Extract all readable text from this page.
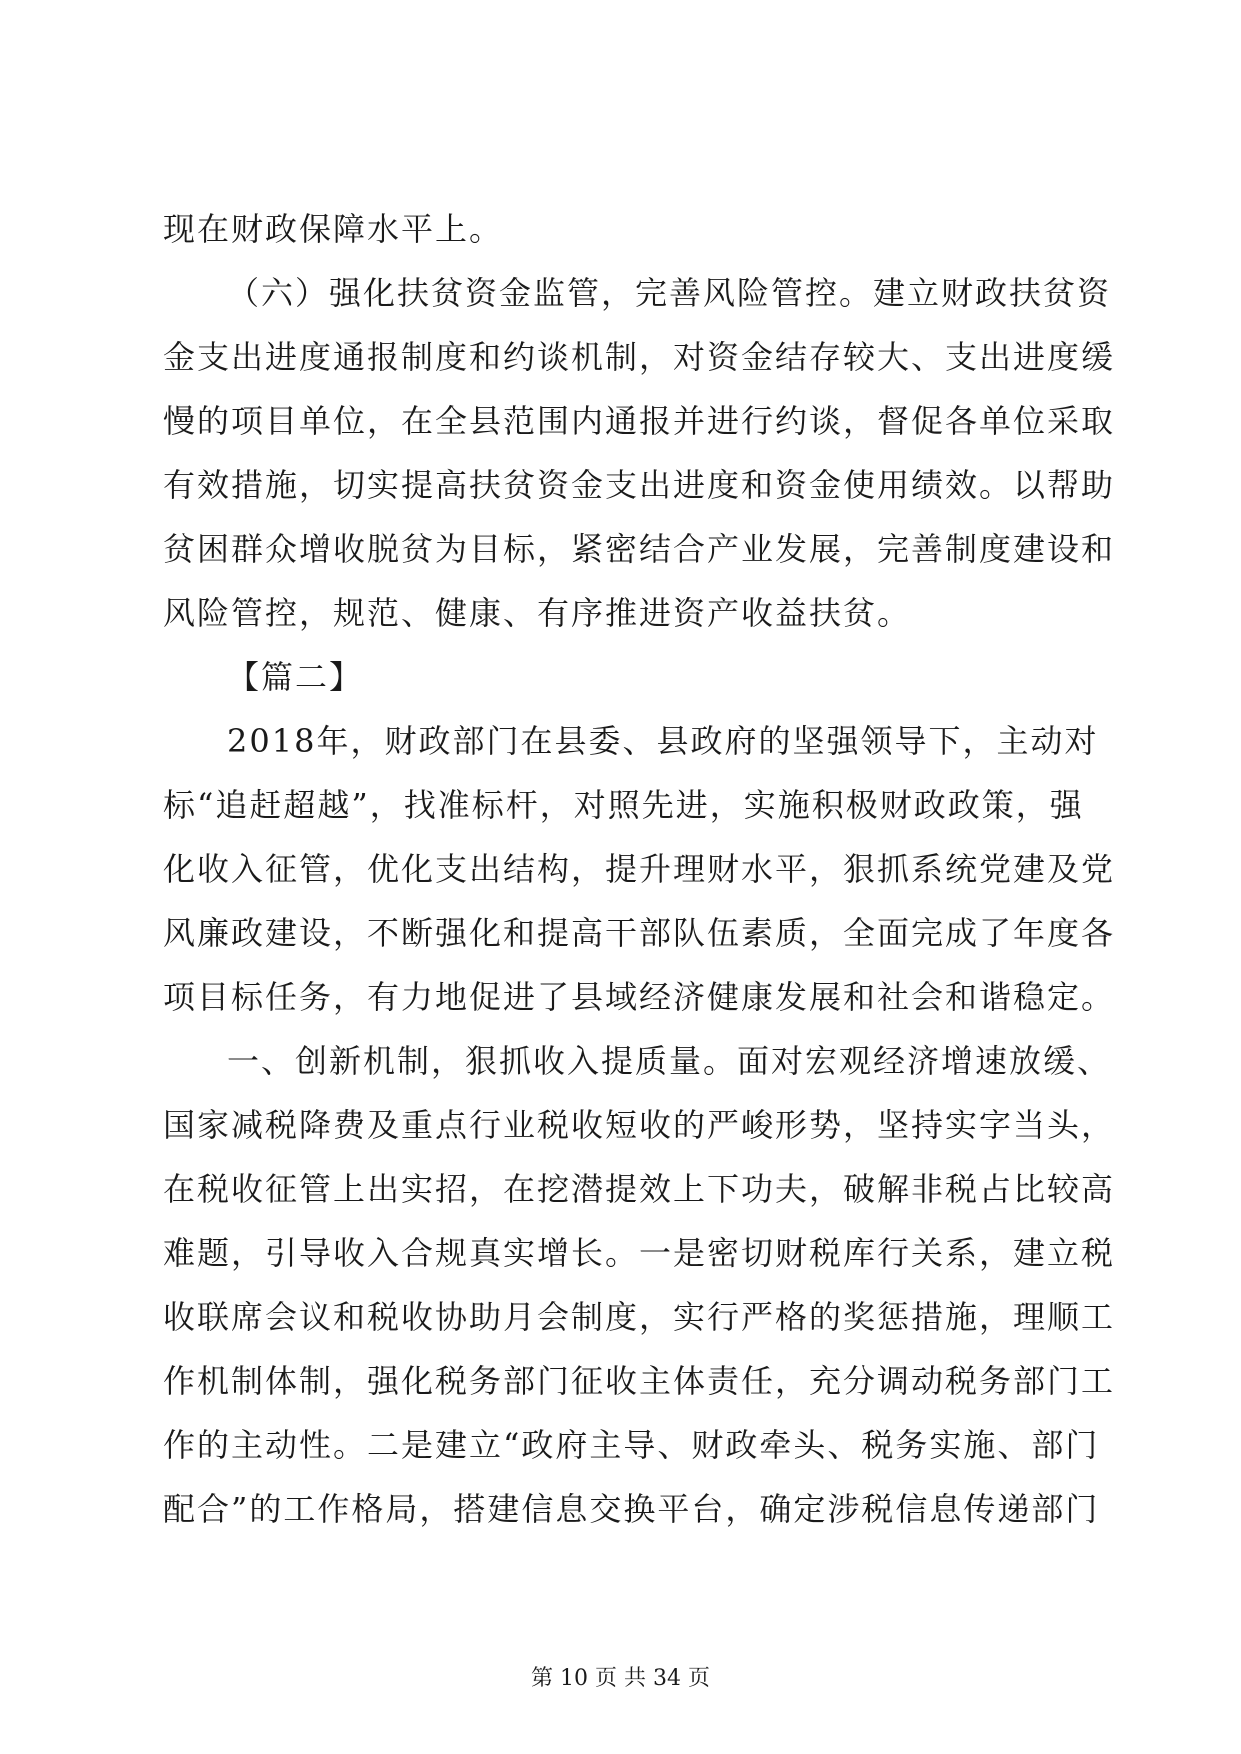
现在财政保障水平上。
（六）强化扶贫资金监管，完善风险管控。建立财政扶贫资
金支出进度通报制度和约谈机制，对资金结存较大、支出进度缓
慢的项目单位，在全县范围内通报并进行约谈，督促各单位采取
有效措施，切实提高扶贫资金支出进度和资金使用绩效。以帮助
贫困群众增收脱贫为目标，紧密结合产业发展，完善制度建设和
风险管控，规范、健康、有序推进资产收益扶贫。
【篇二】
2018年，财政部门在县委、县政府的坚强领导下，主动对
标“追赶超越”，找准标杆，对照先进，实施积极财政政策，强
化收入征管，优化支出结构，提升理财水平，狠抓系统党建及党
风廉政建设，不断强化和提高干部队伍素质，全面完成了年度各
项目标任务，有力地促进了县域经济健康发展和社会和谐稳定。
一、创新机制，狠抓收入提质量。面对宏观经济增速放缓、
国家减税降费及重点行业税收短收的严峻形势，坚持实字当头，
在税收征管上出实招，在挖潜提效上下功夫，破解非税占比较高
难题，引导收入合规真实增长。一是密切财税库行关系，建立税
收联席会议和税收协助月会制度，实行严格的奖惩措施，理顺工
作机制体制，强化税务部门征收主体责任，充分调动税务部门工
作的主动性。二是建立“政府主导、财政牵头、税务实施、部门
配合”的工作格局，搭建信息交换平台，确定涉税信息传递部门
第 10 页 共 34 页
